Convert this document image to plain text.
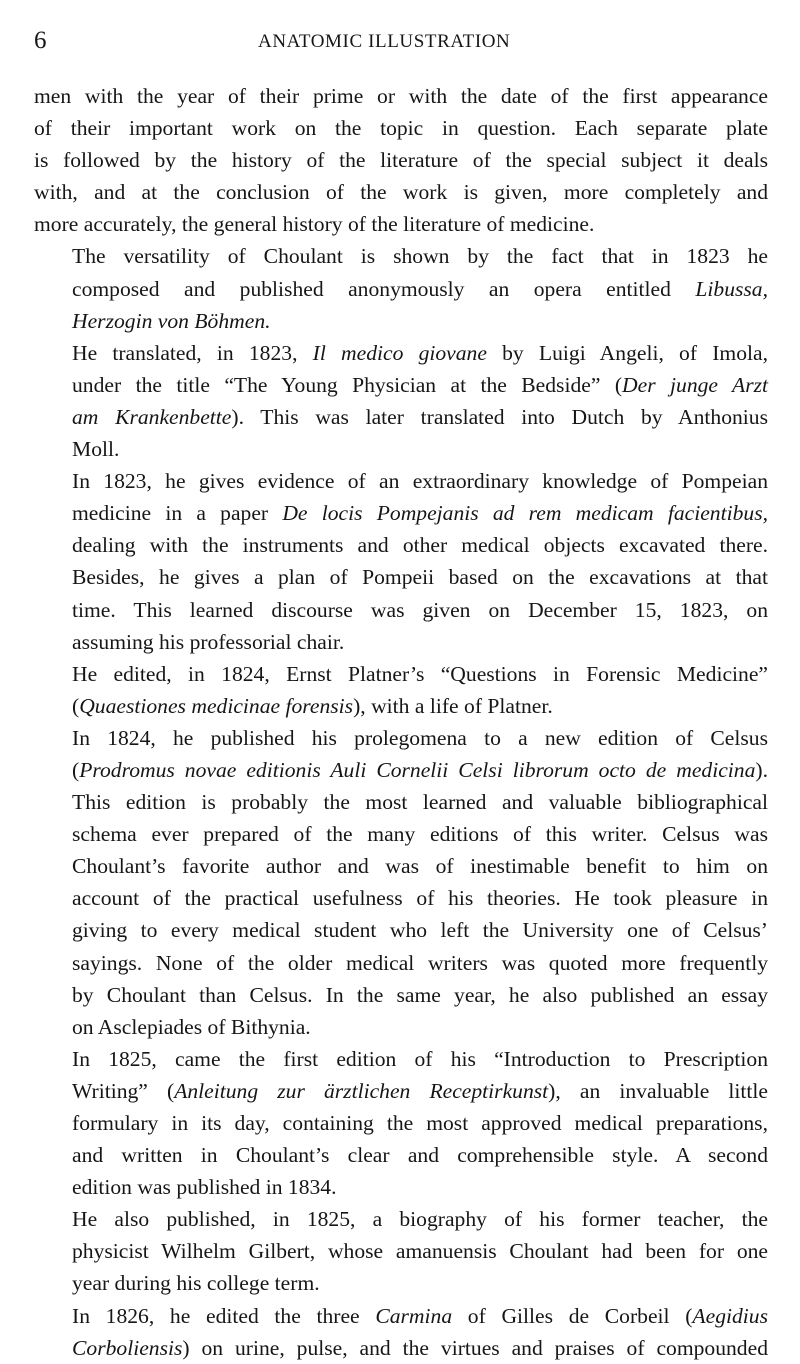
6	ANATOMIC ILLUSTRATION

men with the year of their prime or with the date of the first appearance
of their important work on the topic in question. Each separate plate
is followed by the history of the literature of the special subject it deals
with, and at the conclusion of the work is given, more completely and
more accurately, the general history of the literature of medicine.

The versatility of Choulant is shown by the fact that in 1823 he
composed and published anonymously an opera entitled Libussa,
Herzogin von Böhmen.

He translated, in 1823, Il medico giovane by Luigi Angeli, of Imola,
under the title “The Young Physician at the Bedside” (Der junge Arzt
am Krankenbette). This was later translated into Dutch by Anthonius
Moll.

In 1823, he gives evidence of an extraordinary knowledge of Pompeian
medicine in a paper De locis Pompejanis ad rem medicam facientibus,
dealing with the instruments and other medical objects excavated there.
Besides, he gives a plan of Pompeii based on the excavations at that
time. This learned discourse was given on December 15, 1823, on
assuming his professorial chair.

He edited, in 1824, Ernst Platner’s “Questions in Forensic Medicine”
(Quaestiones medicinae forensis), with a life of Platner.

In 1824, he published his prolegomena to a new edition of Celsus
(Prodromus novae editionis Auli Cornelii Celsi librorum octo de medicina).
This edition is probably the most learned and valuable bibliographical
schema ever prepared of the many editions of this writer. Celsus was
Choulant’s favorite author and was of inestimable benefit to him on
account of the practical usefulness of his theories. He took pleasure in
giving to every medical student who left the University one of Celsus’
sayings. None of the older medical writers was quoted more frequently
by Choulant than Celsus. In the same year, he also published an essay
on Asclepiades of Bithynia.

In 1825, came the first edition of his “Introduction to Prescription
Writing” (Anleitung zur ärztlichen Receptirkunst), an invaluable little
formulary in its day, containing the most approved medical preparations,
and written in Choulant’s clear and comprehensible style. A second
edition was published in 1834.

He also published, in 1825, a biography of his former teacher, the
physicist Wilhelm Gilbert, whose amanuensis Choulant had been for one
year during his college term.

In 1826, he edited the three Carmina of Gilles de Corbeil (Aegidius
Corboliensis) on urine, pulse, and the virtues and praises of compounded
